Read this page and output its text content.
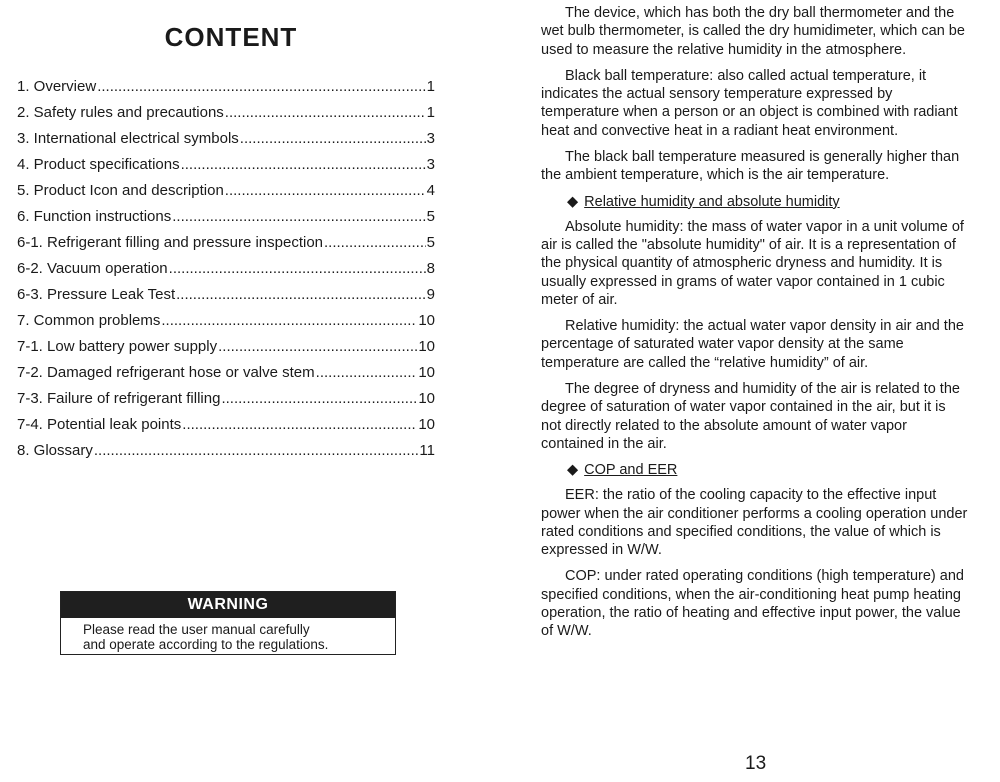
CONTENT
1. Overview .....	1
2. Safety rules and precautions .....	1
3. International electrical symbols .....	3
4. Product specifications .....	3
5. Product Icon and description .....	4
6. Function instructions .....	5
6-1. Refrigerant filling and pressure inspection .....	5
6-2. Vacuum operation .....	8
6-3. Pressure Leak Test .....	9
7. Common problems .....	10
7-1. Low battery power supply .....	10
7-2. Damaged refrigerant hose or valve stem .....	10
7-3. Failure of refrigerant filling .....	10
7-4. Potential leak points .....	10
8. Glossary .....	11
WARNING
Please read the user manual carefully
and operate according to the regulations.

The device, which has both the dry ball thermometer and the wet bulb thermometer, is called the dry humidimeter, which can be used to measure the relative humidity in the atmosphere.

Black ball temperature: also called actual temperature, it indicates the actual sensory temperature expressed by temperature when a person or an object is combined with radiant heat and convective heat in a radiant heat environment.

The black ball temperature measured is generally higher than the ambient temperature, which is the air temperature.

◆ Relative humidity and absolute humidity

Absolute humidity: the mass of water vapor in a unit volume of air is called the "absolute humidity" of air. It is a representation of the physical quantity of atmospheric dryness and humidity. It is usually expressed in grams of water vapor contained in 1 cubic meter of air.

Relative humidity: the actual water vapor density in air and the percentage of saturated water vapor density at the same temperature are called the “relative humidity” of air.

The degree of dryness and humidity of the air is related to the degree of saturation of water vapor contained in the air, but it is not directly related to the absolute amount of water vapor contained in the air.

◆ COP and EER

EER: the ratio of the cooling capacity to the effective input power when the air conditioner performs a cooling operation under rated conditions and specified conditions, the value of which is expressed in W/W.

COP: under rated operating conditions (high temperature) and specified conditions, when the air-conditioning heat pump heating operation, the ratio of heating and effective input power, the value of W/W.

13
